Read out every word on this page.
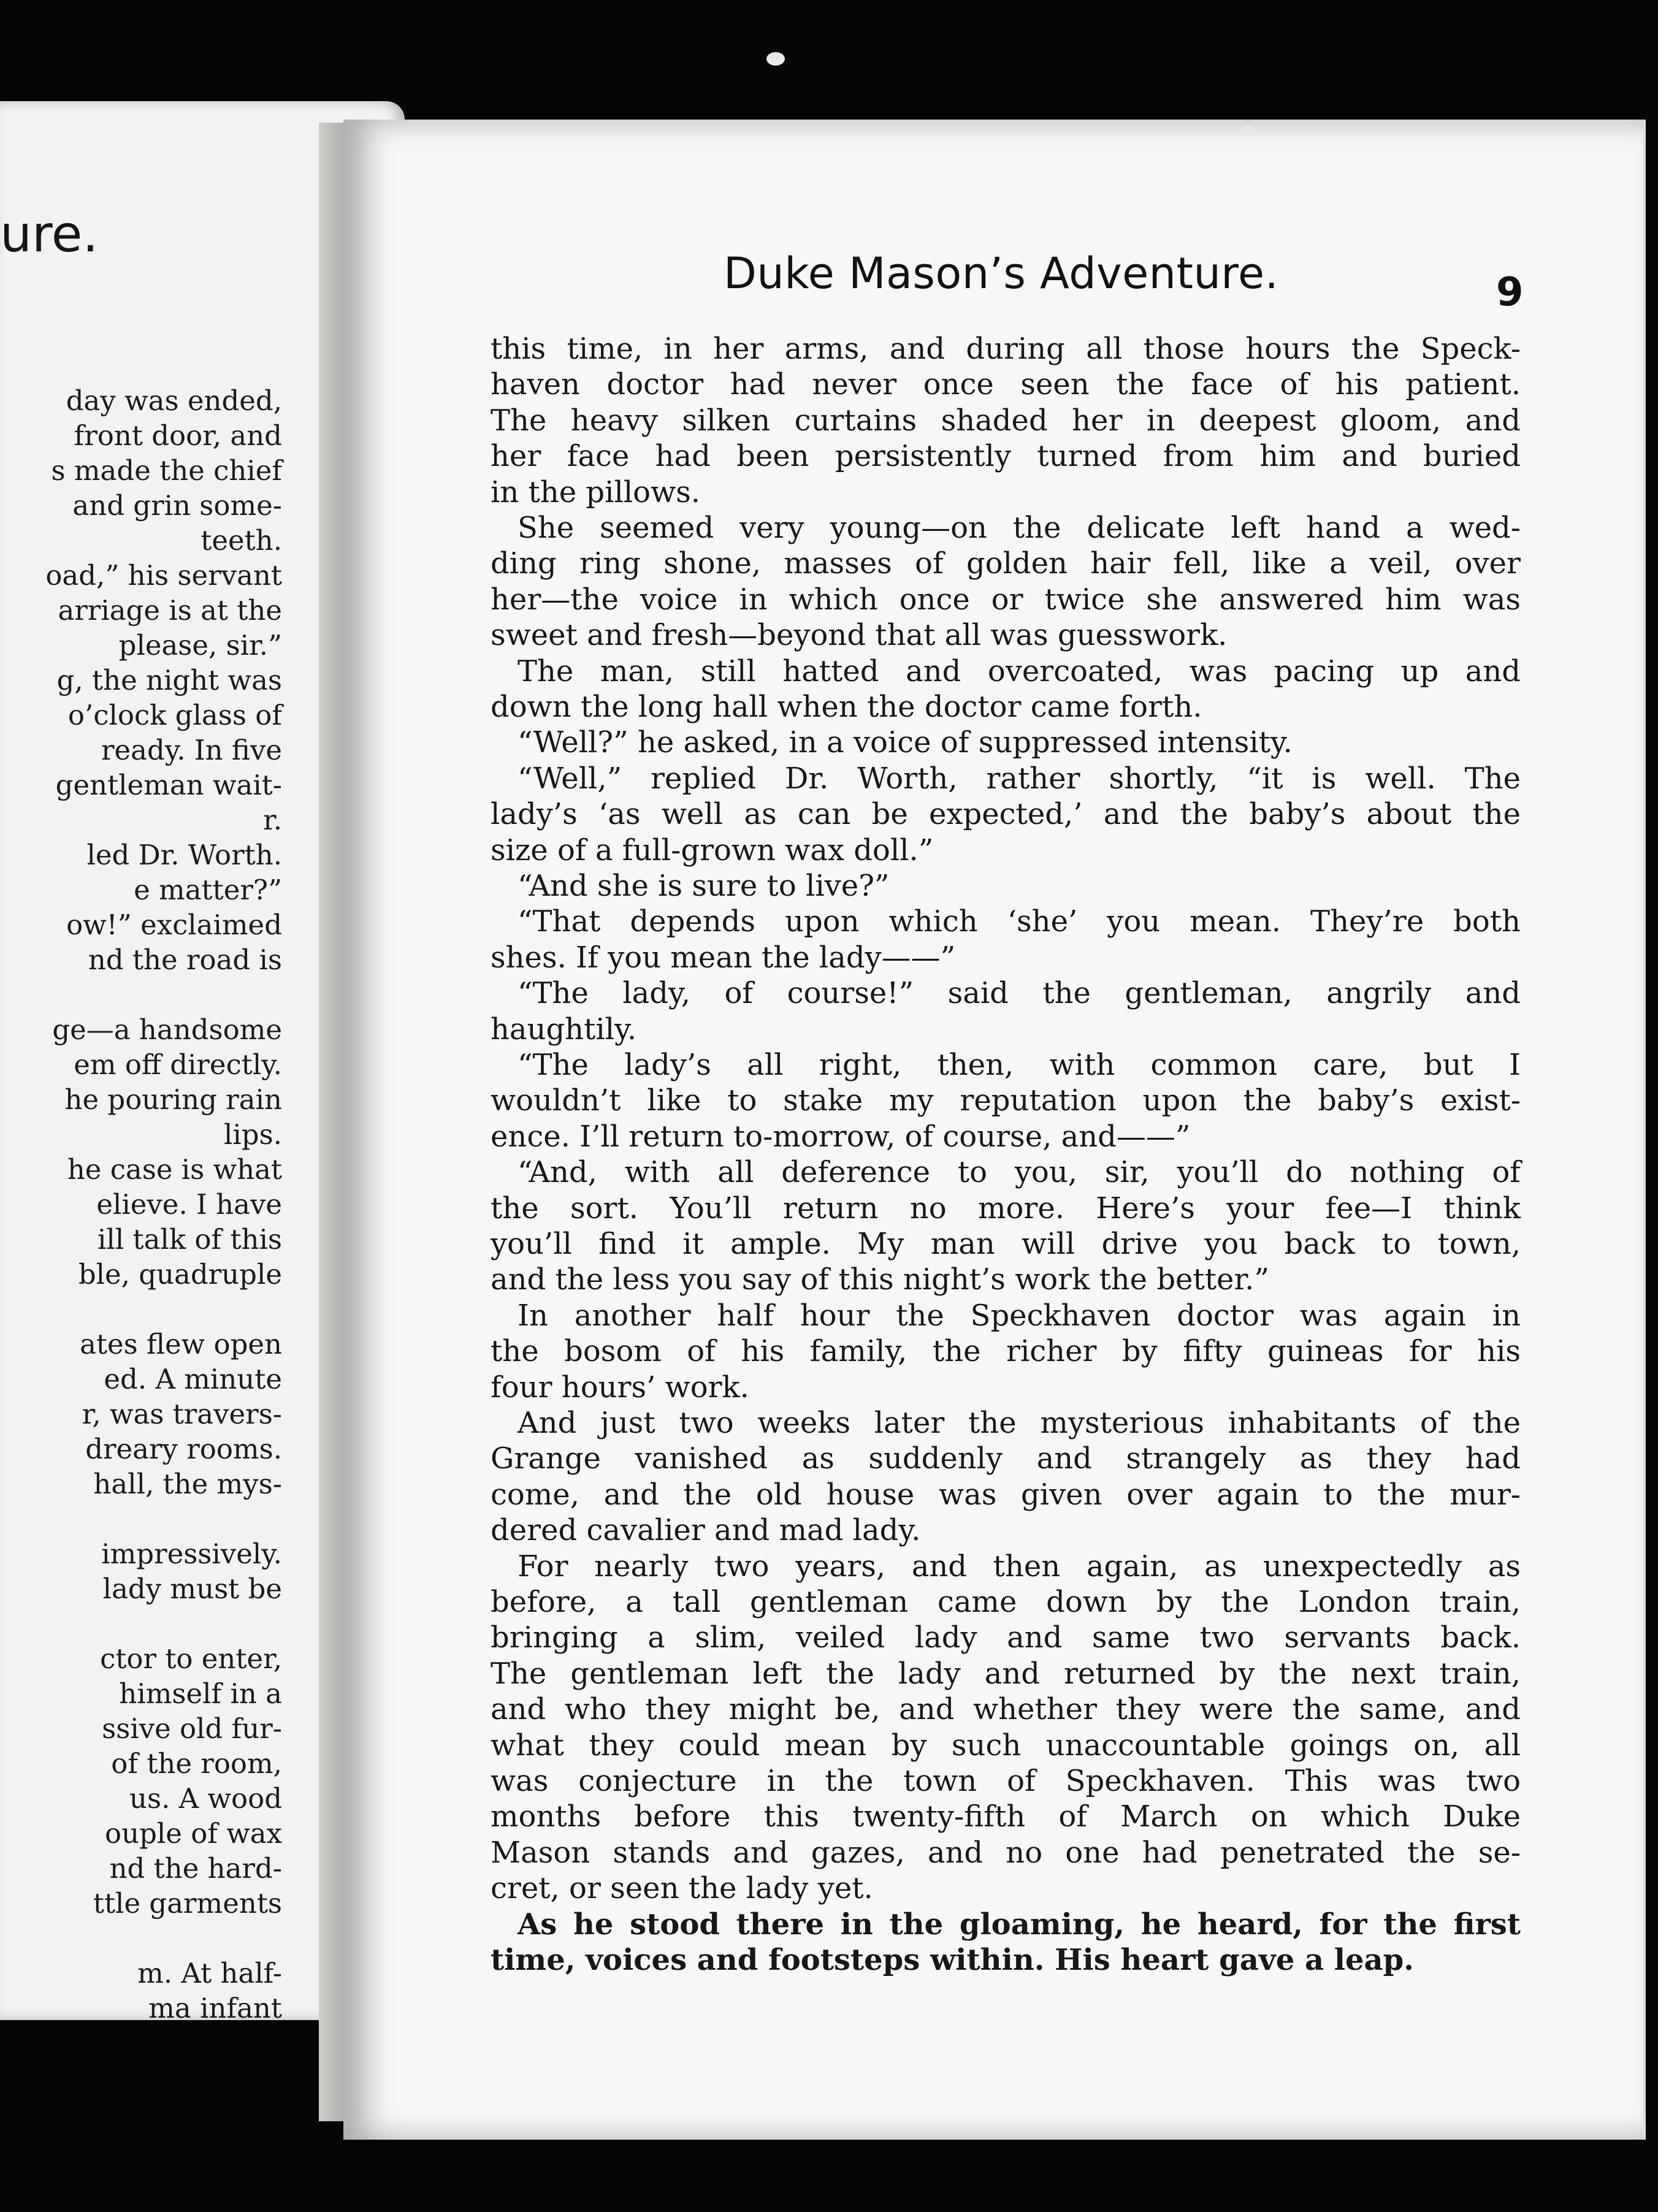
ure.
day was ended,
front door, and
s made the chief
and grin some-
teeth.
oad,” his servant
arriage is at the
please, sir.”
g, the night was
o’clock glass of
ready. In five
gentleman wait-
r.
led Dr. Worth.
e matter?”
ow!” exclaimed
nd the road is
ge—a handsome
em off directly.
he pouring rain
lips.
he case is what
elieve. I have
ill talk of this
ble, quadruple
ates flew open
ed. A minute
r, was travers-
dreary rooms.
hall, the mys-
impressively.
lady must be
ctor to enter,
himself in a
ssive old fur-
of the room,
us. A wood
ouple of wax
nd the hard-
ttle garments
m. At half-
ma infant
Duke Mason’s Adventure.	9
this time, in her arms, and during all those hours the Speck-
haven doctor had never once seen the face of his patient.
The heavy silken curtains shaded her in deepest gloom, and
her face had been persistently turned from him and buried
in the pillows.
She seemed very young—on the delicate left hand a wed-
ding ring shone, masses of golden hair fell, like a veil, over
her—the voice in which once or twice she answered him was
sweet and fresh—beyond that all was guesswork.
The man, still hatted and overcoated, was pacing up and
down the long hall when the doctor came forth.
“Well?” he asked, in a voice of suppressed intensity.
“Well,” replied Dr. Worth, rather shortly, “it is well. The
lady’s ‘as well as can be expected,’ and the baby’s about the
size of a full-grown wax doll.”
“And she is sure to live?”
“That depends upon which ‘she’ you mean. They’re both
shes. If you mean the lady——”
“The lady, of course!” said the gentleman, angrily and
haughtily.
“The lady’s all right, then, with common care, but I
wouldn’t like to stake my reputation upon the baby’s exist-
ence. I’ll return to-morrow, of course, and——”
“And, with all deference to you, sir, you’ll do nothing of
the sort. You’ll return no more. Here’s your fee—I think
you’ll find it ample. My man will drive you back to town,
and the less you say of this night’s work the better.”
In another half hour the Speckhaven doctor was again in
the bosom of his family, the richer by fifty guineas for his
four hours’ work.
And just two weeks later the mysterious inhabitants of the
Grange vanished as suddenly and strangely as they had
come, and the old house was given over again to the mur-
dered cavalier and mad lady.
For nearly two years, and then again, as unexpectedly as
before, a tall gentleman came down by the London train,
bringing a slim, veiled lady and same two servants back.
The gentleman left the lady and returned by the next train,
and who they might be, and whether they were the same, and
what they could mean by such unaccountable goings on, all
was conjecture in the town of Speckhaven. This was two
months before this twenty-fifth of March on which Duke
Mason stands and gazes, and no one had penetrated the se-
cret, or seen the lady yet.
As he stood there in the gloaming, he heard, for the first
time, voices and footsteps within. His heart gave a leap.
